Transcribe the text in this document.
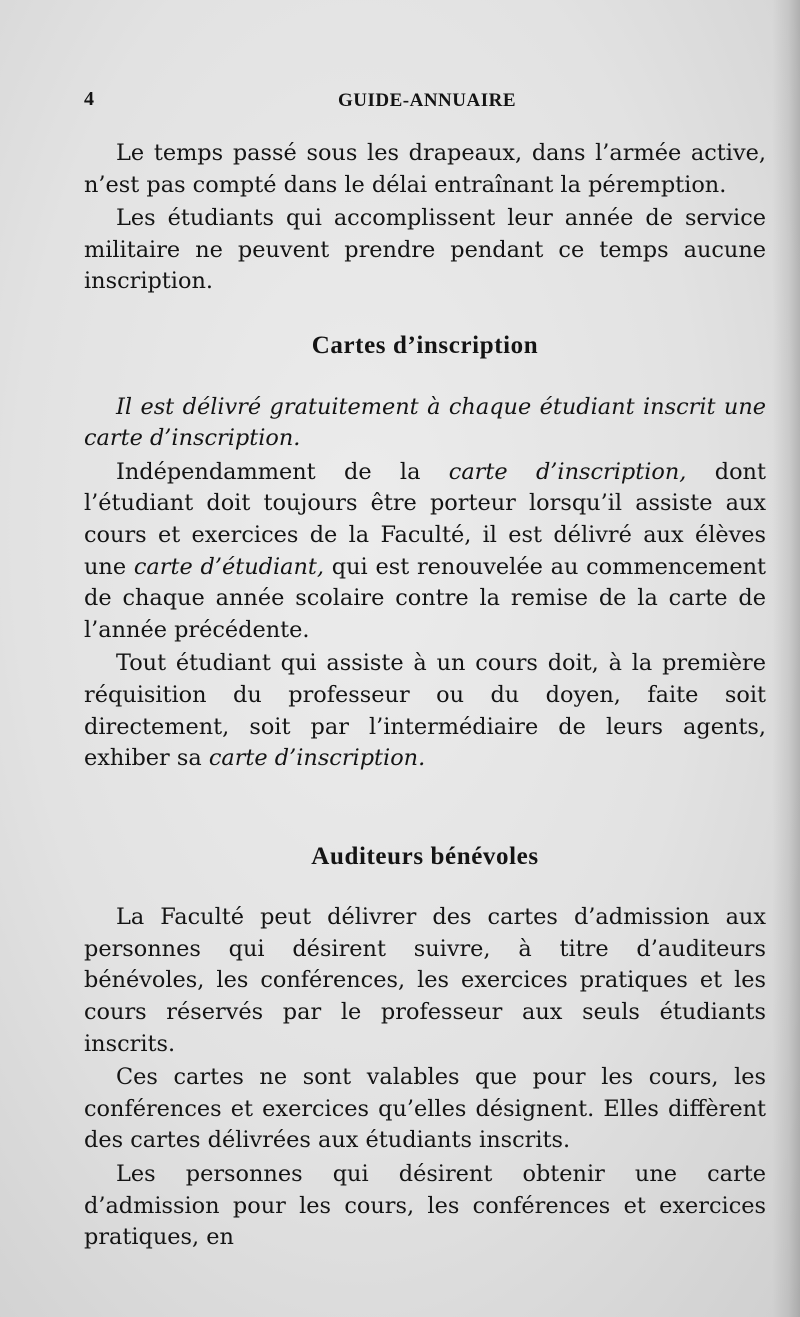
4	GUIDE-ANNUAIRE

Le temps passé sous les drapeaux, dans l’armée active, n’est pas compté dans le délai entraînant la péremption.

Les étudiants qui accomplissent leur année de service militaire ne peuvent prendre pendant ce temps aucune inscription.

Cartes d’inscription

Il est délivré gratuitement à chaque étudiant inscrit une carte d’inscription.

Indépendamment de la carte d’inscription, dont l’étudiant doit toujours être porteur lorsqu’il assiste aux cours et exercices de la Faculté, il est délivré aux élèves une carte d’étudiant, qui est renouvelée au commencement de chaque année scolaire contre la remise de la carte de l’année précédente.

Tout étudiant qui assiste à un cours doit, à la première réquisition du professeur ou du doyen, faite soit directement, soit par l’intermédiaire de leurs agents, exhiber sa carte d’inscription.

Auditeurs bénévoles

La Faculté peut délivrer des cartes d’admission aux personnes qui désirent suivre, à titre d’auditeurs bénévoles, les conférences, les exercices pratiques et les cours réservés par le professeur aux seuls étudiants inscrits.

Ces cartes ne sont valables que pour les cours, les conférences et exercices qu’elles désignent. Elles diffèrent des cartes délivrées aux étudiants inscrits.

Les personnes qui désirent obtenir une carte d’admission pour les cours, les conférences et exercices pratiques, en
